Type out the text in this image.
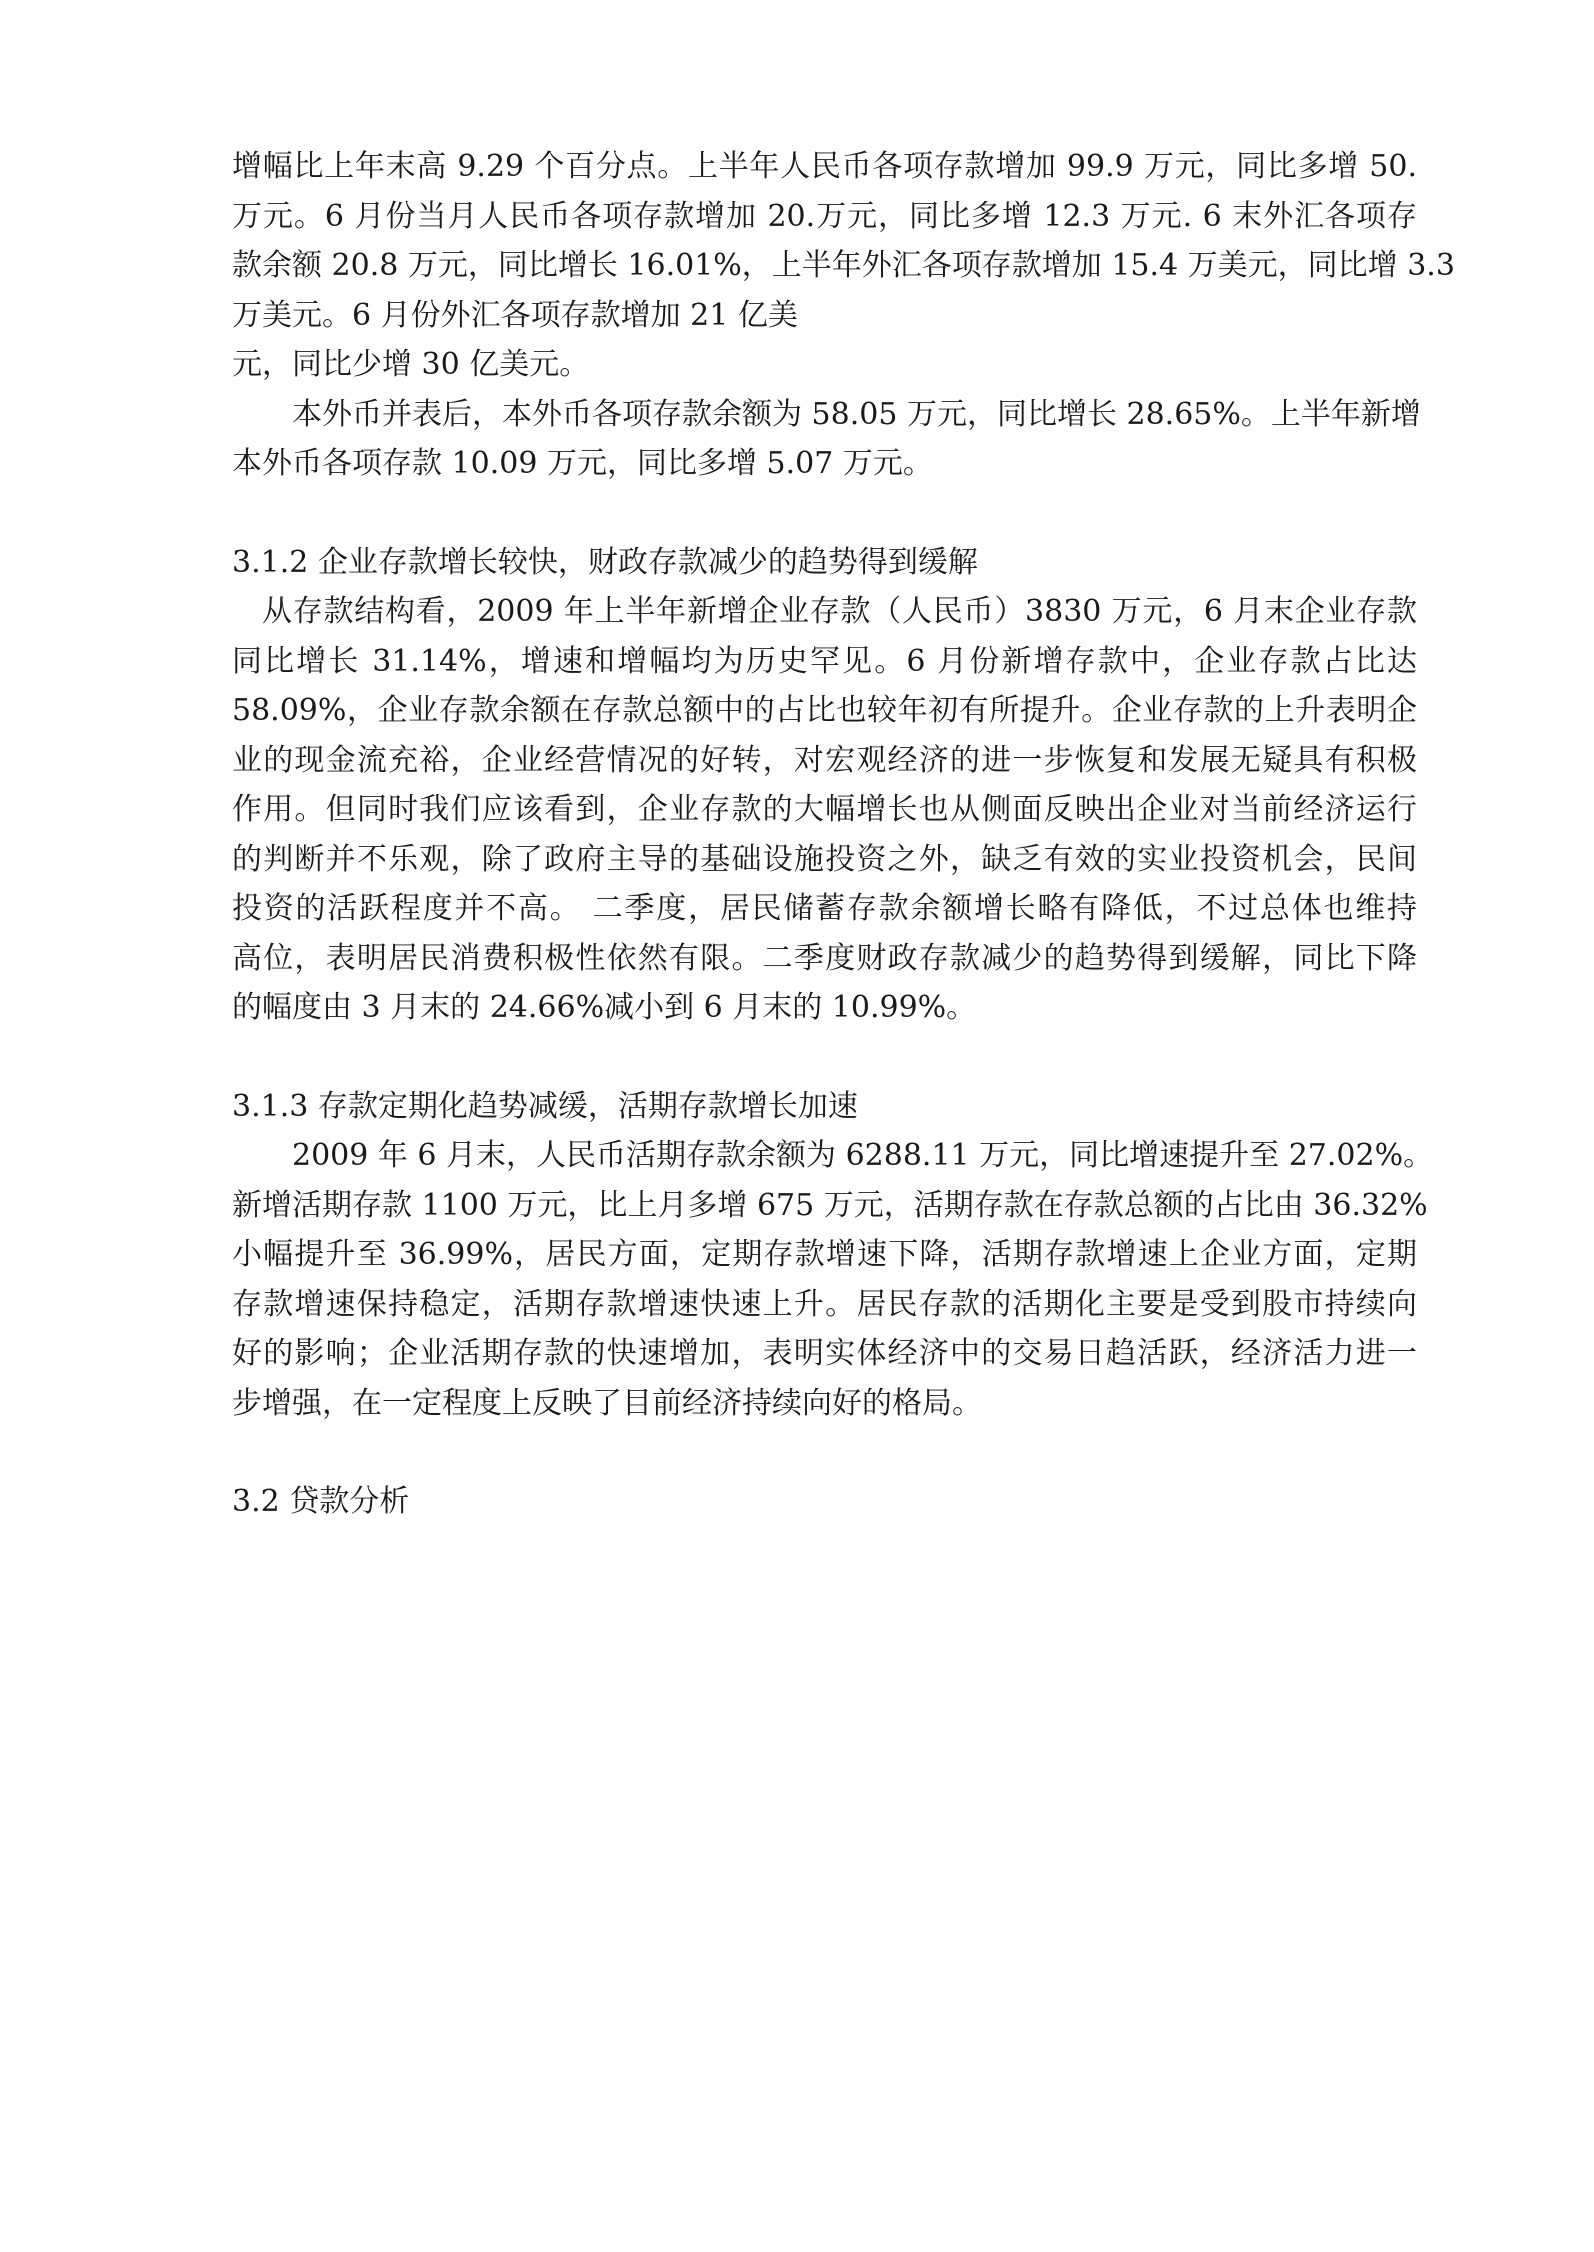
增幅比上年末高 9.29 个百分点。上半年人民币各项存款增加 99.9 万元，同比多增 50.
万元。6 月份当月人民币各项存款增加 20.万元，同比多增 12.3 万元. 6 末外汇各项存
款余额 20.8 万元，同比增长 16.01%，上半年外汇各项存款增加 15.4 万美元，同比增 3.3
万美元。6 月份外汇各项存款增加 21 亿美
元，同比少增 30 亿美元。
本外币并表后，本外币各项存款余额为 58.05 万元，同比增长 28.65%。上半年新增
本外币各项存款 10.09 万元，同比多增 5.07 万元。
3.1.2 企业存款增长较快，财政存款减少的趋势得到缓解
从存款结构看，2009 年上半年新增企业存款（人民币）3830 万元，6 月末企业存款
同比增长 31.14%，增速和增幅均为历史罕见。6 月份新增存款中，企业存款占比达
58.09%，企业存款余额在存款总额中的占比也较年初有所提升。企业存款的上升表明企
业的现金流充裕，企业经营情况的好转，对宏观经济的进一步恢复和发展无疑具有积极
作用。但同时我们应该看到，企业存款的大幅增长也从侧面反映出企业对当前经济运行
的判断并不乐观，除了政府主导的基础设施投资之外，缺乏有效的实业投资机会，民间
投资的活跃程度并不高。 二季度，居民储蓄存款余额增长略有降低，不过总体也维持
高位，表明居民消费积极性依然有限。二季度财政存款减少的趋势得到缓解，同比下降
的幅度由 3 月末的 24.66%减小到 6 月末的 10.99%。
3.1.3 存款定期化趋势减缓，活期存款增长加速
2009 年 6 月末，人民币活期存款余额为 6288.11 万元，同比增速提升至 27.02%。
新增活期存款 1100 万元，比上月多增 675 万元，活期存款在存款总额的占比由 36.32%
小幅提升至 36.99%，居民方面，定期存款增速下降，活期存款增速上企业方面，定期
存款增速保持稳定，活期存款增速快速上升。居民存款的活期化主要是受到股市持续向
好的影响；企业活期存款的快速增加，表明实体经济中的交易日趋活跃，经济活力进一
步增强，在一定程度上反映了目前经济持续向好的格局。
3.2 贷款分析
